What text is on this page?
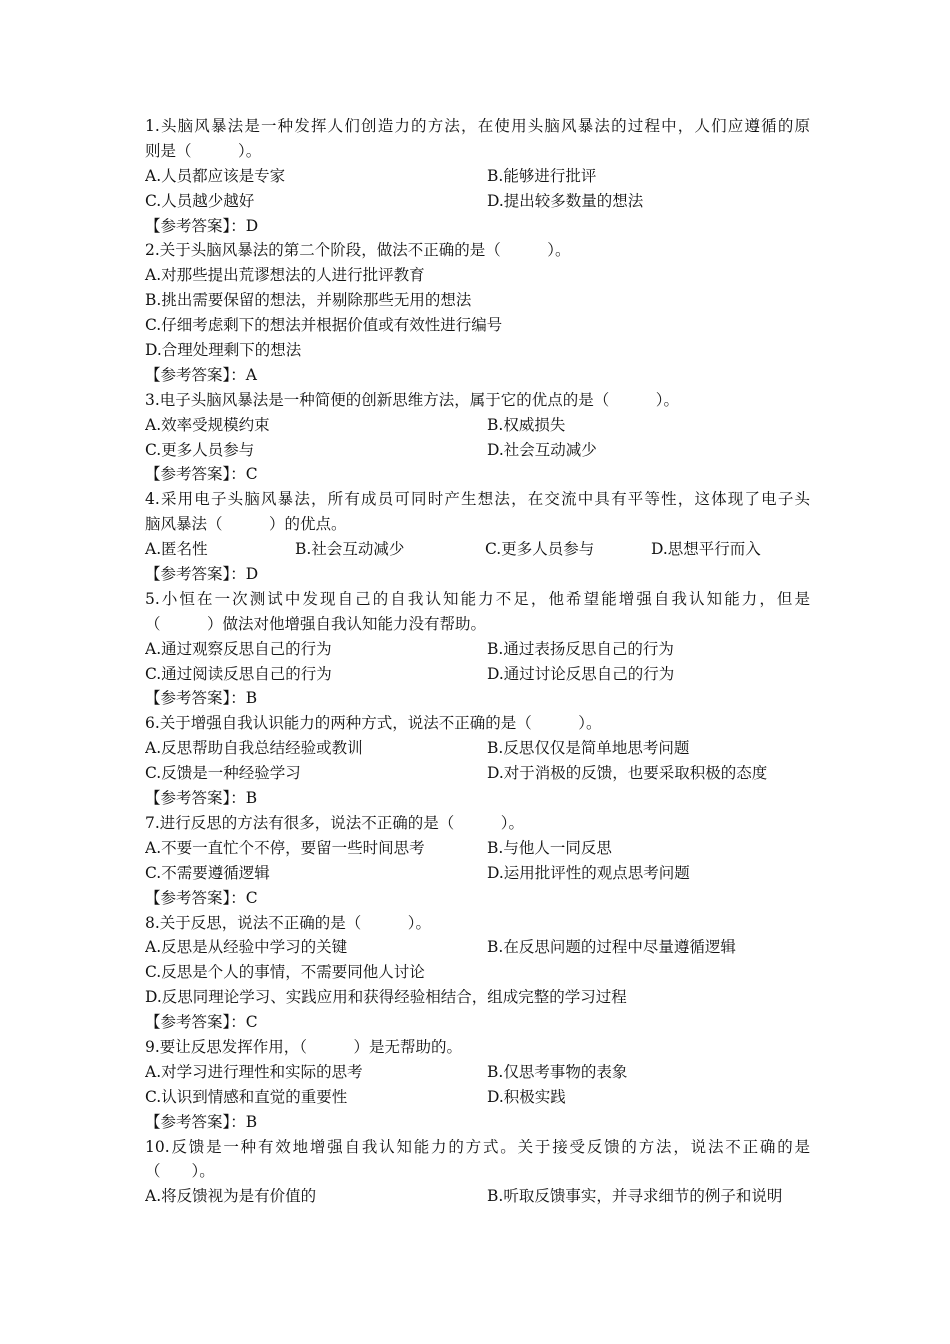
1.头脑风暴法是一种发挥人们创造力的方法，在使用头脑风暴法的过程中，人们应遵循的原
则是（　　　）。
A.人员都应该是专家	B.能够进行批评
C.人员越少越好	D.提出较多数量的想法
【参考答案】：D
2.关于头脑风暴法的第二个阶段，做法不正确的是（　　　）。
A.对那些提出荒谬想法的人进行批评教育
B.挑出需要保留的想法，并剔除那些无用的想法
C.仔细考虑剩下的想法并根据价值或有效性进行编号
D.合理处理剩下的想法
【参考答案】：A
3.电子头脑风暴法是一种简便的创新思维方法，属于它的优点的是（　　　）。
A.效率受规模约束	B.权威损失
C.更多人员参与	D.社会互动减少
【参考答案】：C
4.采用电子头脑风暴法，所有成员可同时产生想法，在交流中具有平等性，这体现了电子头
脑风暴法（　　　）的优点。
A.匿名性	B.社会互动减少	C.更多人员参与	D.思想平行而入
【参考答案】：D
5.小恒在一次测试中发现自己的自我认知能力不足，他希望能增强自我认知能力，但是
（　　　）做法对他增强自我认知能力没有帮助。
A.通过观察反思自己的行为	B.通过表扬反思自己的行为
C.通过阅读反思自己的行为	D.通过讨论反思自己的行为
【参考答案】：B
6.关于增强自我认识能力的两种方式，说法不正确的是（　　　）。
A.反思帮助自我总结经验或教训	B.反思仅仅是简单地思考问题
C.反馈是一种经验学习	D.对于消极的反馈，也要采取积极的态度
【参考答案】：B
7.进行反思的方法有很多，说法不正确的是（　　　）。
A.不要一直忙个不停，要留一些时间思考	B.与他人一同反思
C.不需要遵循逻辑	D.运用批评性的观点思考问题
【参考答案】：C
8.关于反思，说法不正确的是（　　　）。
A.反思是从经验中学习的关键	B.在反思问题的过程中尽量遵循逻辑
C.反思是个人的事情，不需要同他人讨论
D.反思同理论学习、实践应用和获得经验相结合，组成完整的学习过程
【参考答案】：C
9.要让反思发挥作用，（　　　）是无帮助的。
A.对学习进行理性和实际的思考	B.仅思考事物的表象
C.认识到情感和直觉的重要性	D.积极实践
【参考答案】：B
10.反馈是一种有效地增强自我认知能力的方式。关于接受反馈的方法，说法不正确的是
（　　）。
A.将反馈视为是有价值的	B.听取反馈事实，并寻求细节的例子和说明
